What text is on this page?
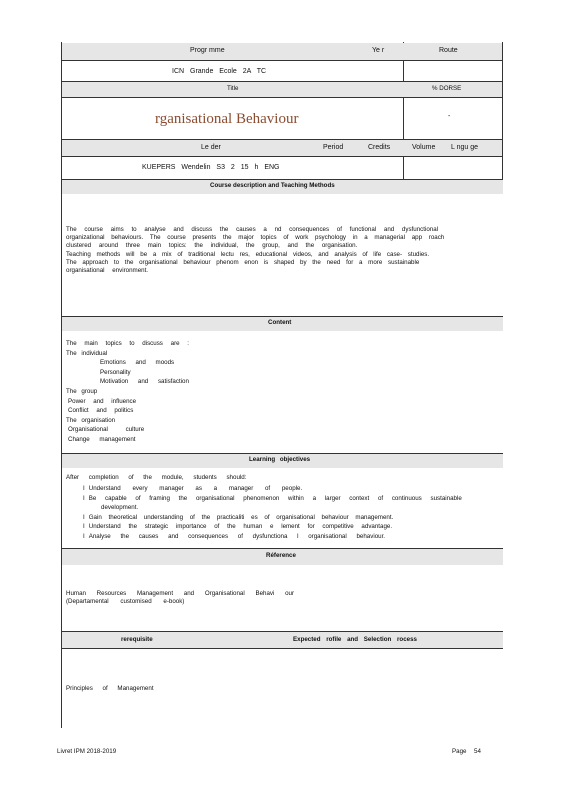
Progr mme	Ye r	Route
ICN Grande Ecole 2A TC
Title	% DORSE
rganisational Behaviour	-
Le der	Period	Credits	Volume L ngu ge
KUEPERS Wendelin S3 2 15 h ENG
Course description and Teaching Methods
The course aims to analyse and discuss the causes a nd consequences of functional and dysfunctional
organizational behaviours. The course presents the major topics of work psychology in a managerial app roach
clustered around three main topics: the individual, the group, and the organisation.
Teaching methods will be a mix of traditional lectu res, educational videos, and analysis of life case- studies.
The approach to the organisational behaviour phenom enon is shaped by the need for a more sustainable
organisational environment.
Content
The main topics to discuss are :
The individual
Emotions and moods
Personality
Motivation and satisfaction
The group
Power and influence
Conflict and politics
The organisation
Organisational culture
Change management
Learning objectives
After completion of the module, students should:
I Understand every manager as a manager of people.
I Be capable of framing the organisational phenomenon within a larger context of continuous sustainable
development.
I Gain theoretical understanding of the practicaliti es of organisational behaviour management.
I Understand the strategic importance of the human e lement for competitive advantage.
I Analyse the causes and consequences of dysfunctiona l organisational behaviour.
Réference
Human Resources Management and Organisational Behavi our
(Departamental customised e-book)
rerequisite	Expected rofile and Selection rocess
Principles of Management
Livret IPM 2018-2019	Page 54
